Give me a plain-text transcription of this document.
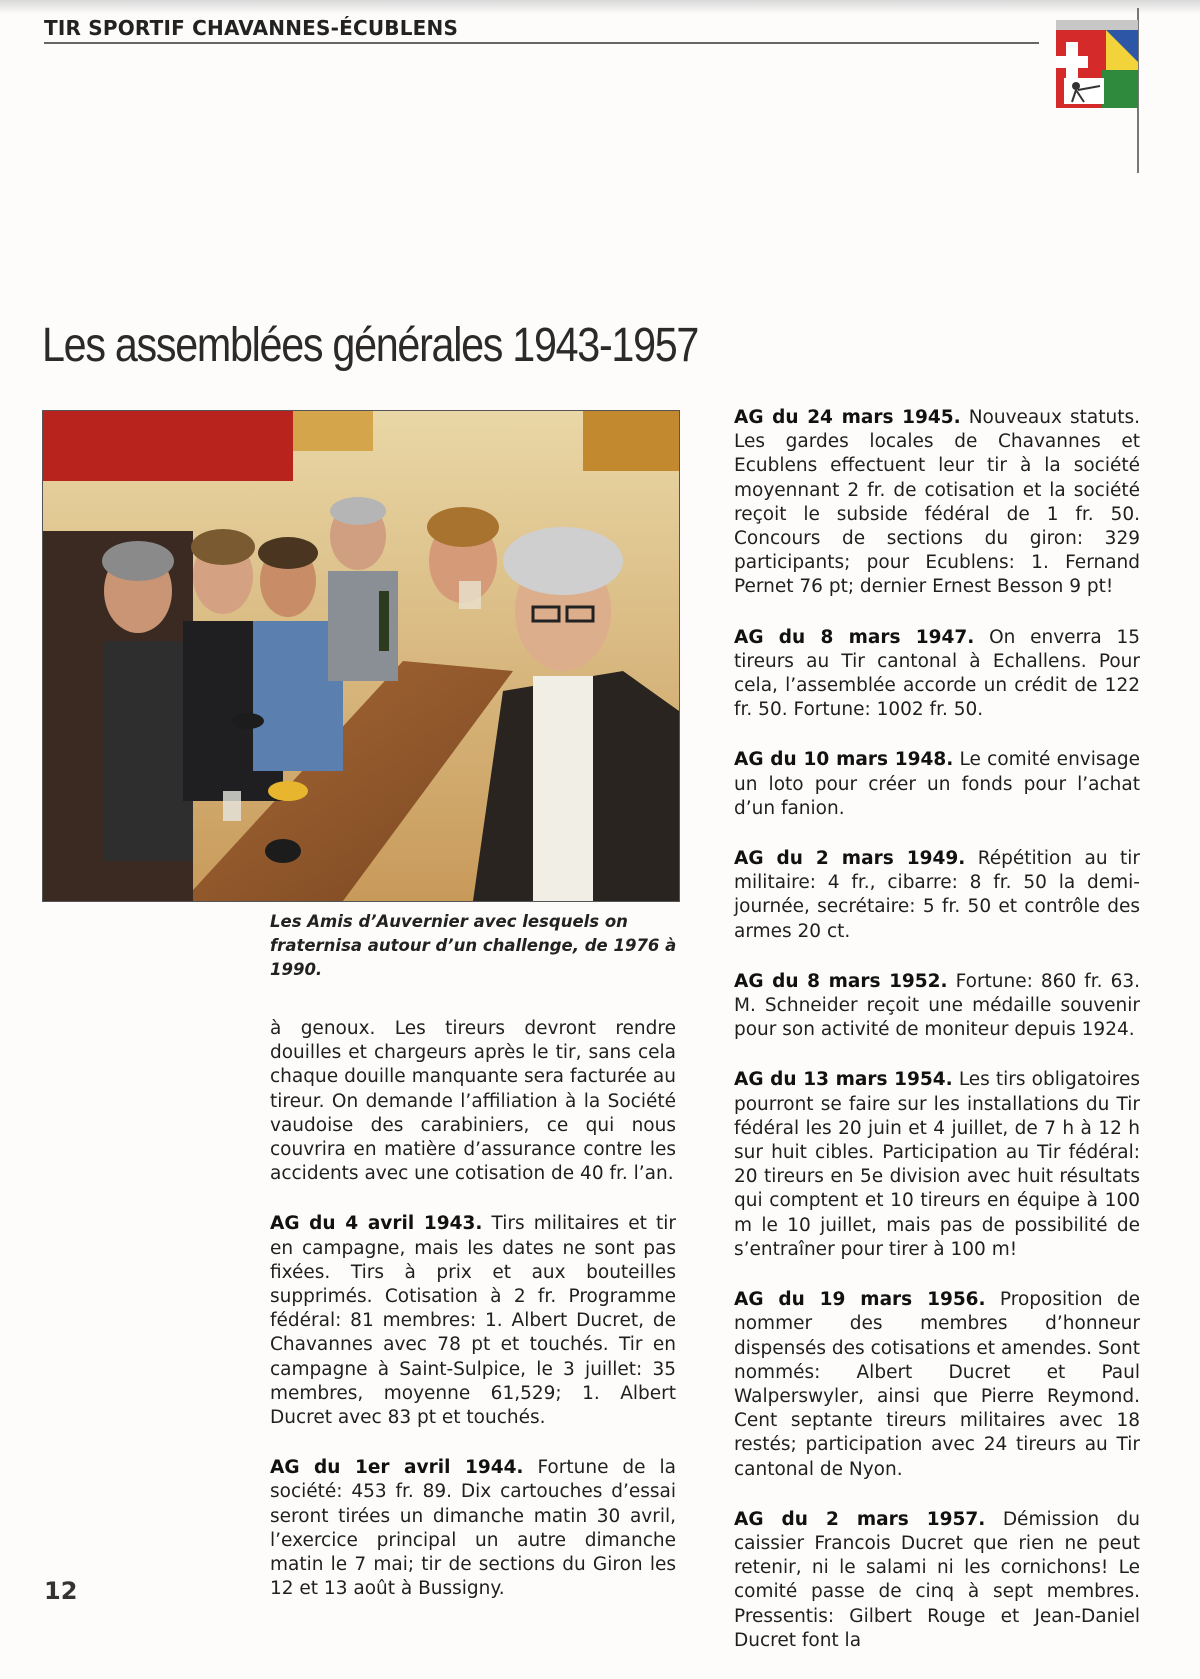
TIR SPORTIF CHAVANNES-ÉCUBLENS
Les assemblées générales 1943-1957
Les Amis d’Auvernier avec lesquels on fraternisa autour d’un challenge, de 1976 à 1990.

à genoux. Les tireurs devront rendre douilles et chargeurs après le tir, sans cela chaque douille manquante sera facturée au tireur. On demande l’affiliation à la Société vaudoise des carabiniers, ce qui nous couvrira en matière d’assurance contre les accidents avec une cotisation de 40 fr. l’an.

AG du 4 avril 1943. Tirs militaires et tir en campagne, mais les dates ne sont pas fixées. Tirs à prix et aux bouteilles supprimés. Cotisation à 2 fr. Programme fédéral: 81 membres: 1. Albert Ducret, de Chavannes avec 78 pt et touchés. Tir en campagne à Saint-Sulpice, le 3 juillet: 35 membres, moyenne 61,529; 1. Albert Ducret avec 83 pt et touchés.

AG du 1er avril 1944. Fortune de la société: 453 fr. 89. Dix cartouches d’essai seront tirées un dimanche matin 30 avril, l’exercice principal un autre dimanche matin le 7 mai; tir de sections du Giron les 12 et 13 août à Bussigny.

AG du 24 mars 1945. Nouveaux statuts. Les gardes locales de Chavannes et Ecublens effectuent leur tir à la société moyennant 2 fr. de cotisation et la société reçoit le subside fédéral de 1 fr. 50. Concours de sections du giron: 329 participants; pour Ecublens: 1. Fernand Pernet 76 pt; dernier Ernest Besson 9 pt!

AG du 8 mars 1947. On enverra 15 tireurs au Tir cantonal à Echallens. Pour cela, l’assemblée accorde un crédit de 122 fr. 50. Fortune: 1002 fr. 50.

AG du 10 mars 1948. Le comité envisage un loto pour créer un fonds pour l’achat d’un fanion.

AG du 2 mars 1949. Répétition au tir militaire: 4 fr., cibarre: 8 fr. 50 la demi-journée, secrétaire: 5 fr. 50 et contrôle des armes 20 ct.

AG du 8 mars 1952. Fortune: 860 fr. 63. M. Schneider reçoit une médaille souvenir pour son activité de moniteur depuis 1924.

AG du 13 mars 1954. Les tirs obligatoires pourront se faire sur les installations du Tir fédéral les 20 juin et 4 juillet, de 7 h à 12 h sur huit cibles. Participation au Tir fédéral: 20 tireurs en 5e division avec huit résultats qui comptent et 10 tireurs en équipe à 100 m le 10 juillet, mais pas de possibilité de s’entraîner pour tirer à 100 m!

AG du 19 mars 1956. Proposition de nommer des membres d’honneur dispensés des cotisations et amendes. Sont nommés: Albert Ducret et Paul Walperswyler, ainsi que Pierre Reymond. Cent septante tireurs militaires avec 18 restés; participation avec 24 tireurs au Tir cantonal de Nyon.

AG du 2 mars 1957. Démission du caissier Francois Ducret que rien ne peut retenir, ni le salami ni les cornichons! Le comité passe de cinq à sept membres. Pressentis: Gilbert Rouge et Jean-Daniel Ducret font la

12
